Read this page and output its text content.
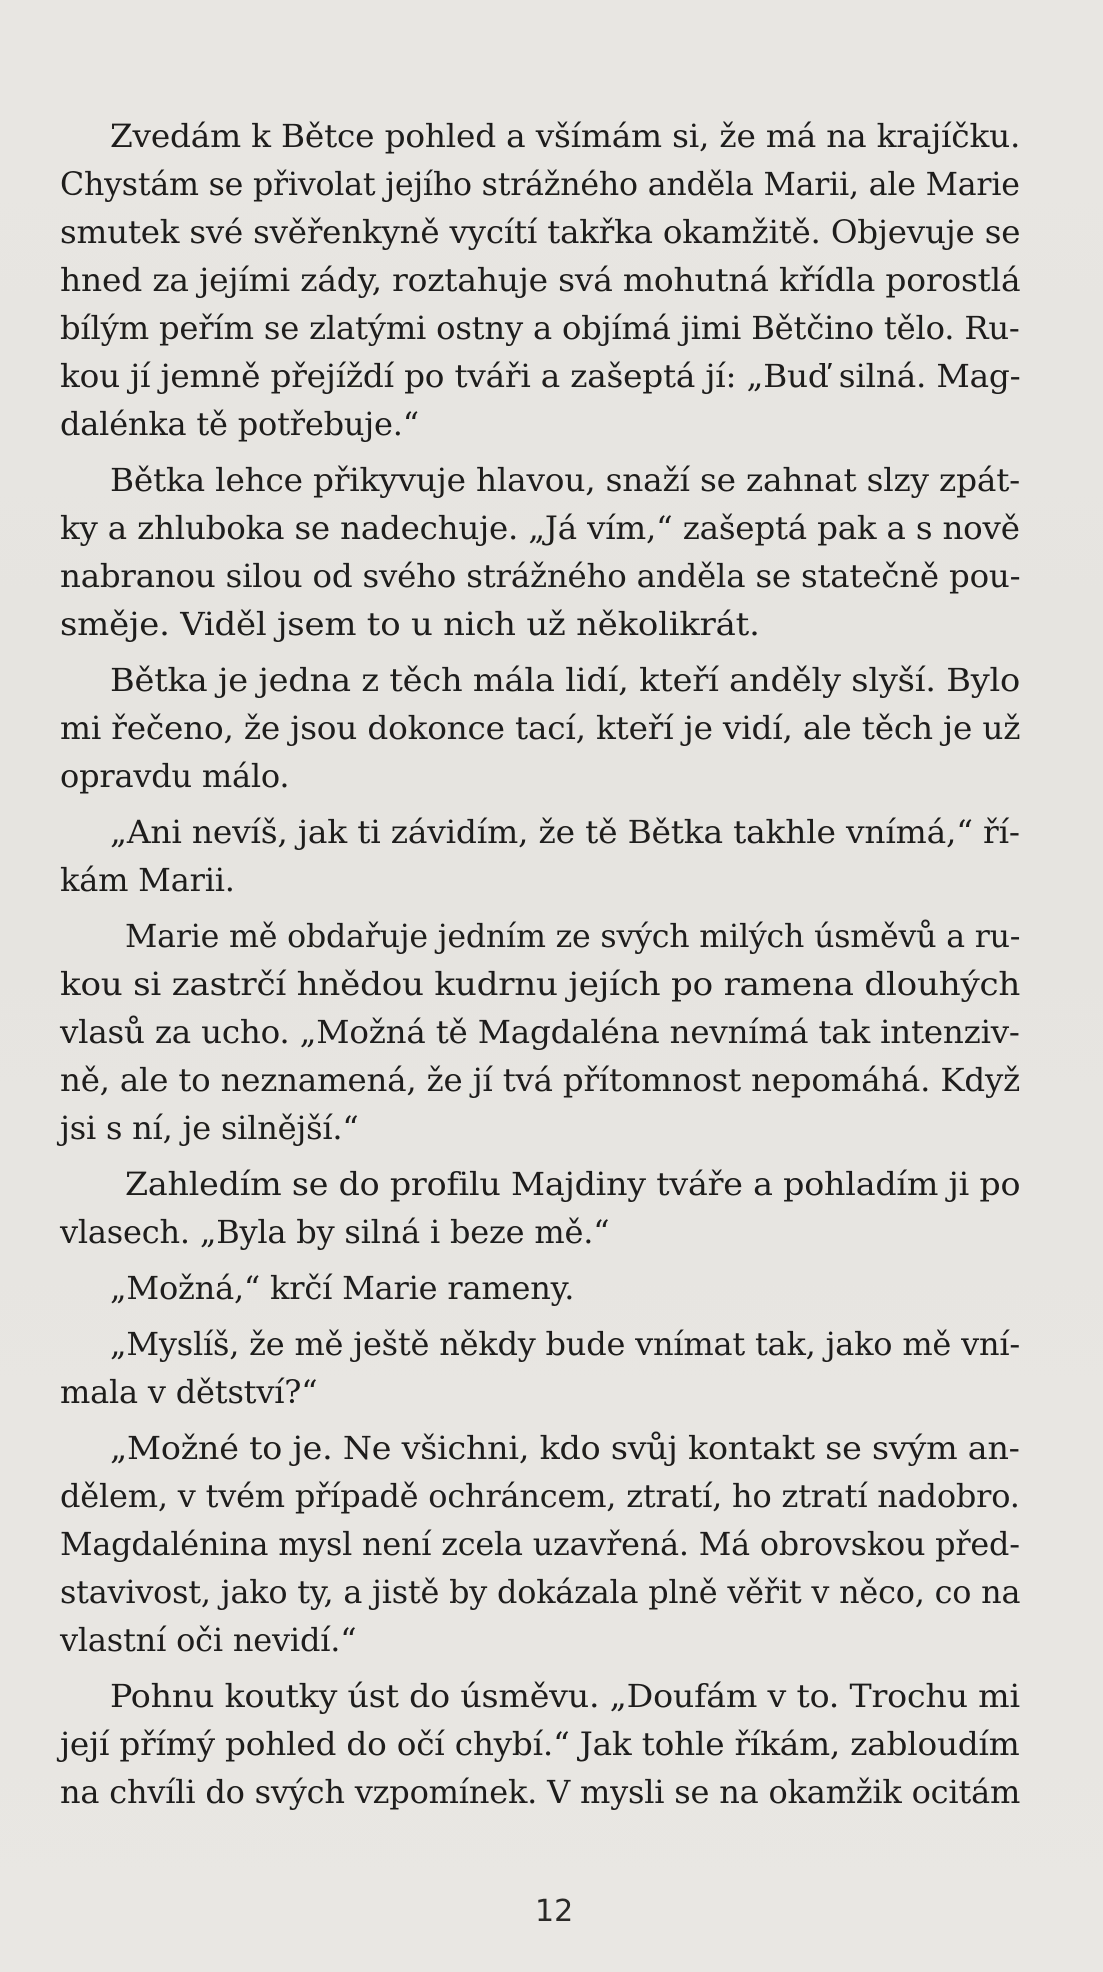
Zvedám k Bětce pohled a všímám si, že má na krajíčku.
Chystám se přivolat jejího strážného anděla Marii, ale Marie
smutek své svěřenkyně vycítí takřka okamžitě. Objevuje se
hned za jejími zády, roztahuje svá mohutná křídla porostlá
bílým peřím se zlatými ostny a objímá jimi Bětčino tělo. Ru-
kou jí jemně přejíždí po tváři a zašeptá jí: „Buď silná. Mag-
dalénka tě potřebuje.“
Bětka lehce přikyvuje hlavou, snaží se zahnat slzy zpát-
ky a zhluboka se nadechuje. „Já vím,“ zašeptá pak a s nově
nabranou silou od svého strážného anděla se statečně pou-
směje. Viděl jsem to u nich už několikrát.
Bětka je jedna z těch mála lidí, kteří anděly slyší. Bylo
mi řečeno, že jsou dokonce tací, kteří je vidí, ale těch je už
opravdu málo.
„Ani nevíš, jak ti závidím, že tě Bětka takhle vnímá,“ ří-
kám Marii.
Marie mě obdařuje jedním ze svých milých úsměvů a ru-
kou si zastrčí hnědou kudrnu jejích po ramena dlouhých
vlasů za ucho. „Možná tě Magdaléna nevnímá tak intenziv-
ně, ale to neznamená, že jí tvá přítomnost nepomáhá. Když
jsi s ní, je silnější.“
Zahledím se do profilu Majdiny tváře a pohladím ji po
vlasech. „Byla by silná i beze mě.“
„Možná,“ krčí Marie rameny.
„Myslíš, že mě ještě někdy bude vnímat tak, jako mě vní-
mala v dětství?“
„Možné to je. Ne všichni, kdo svůj kontakt se svým an-
dělem, v tvém případě ochráncem, ztratí, ho ztratí nadobro.
Magdalénina mysl není zcela uzavřená. Má obrovskou před-
stavivost, jako ty, a jistě by dokázala plně věřit v něco, co na
vlastní oči nevidí.“
Pohnu koutky úst do úsměvu. „Doufám v to. Trochu mi
její přímý pohled do očí chybí.“ Jak tohle říkám, zabloudím
na chvíli do svých vzpomínek. V mysli se na okamžik ocitám
12
